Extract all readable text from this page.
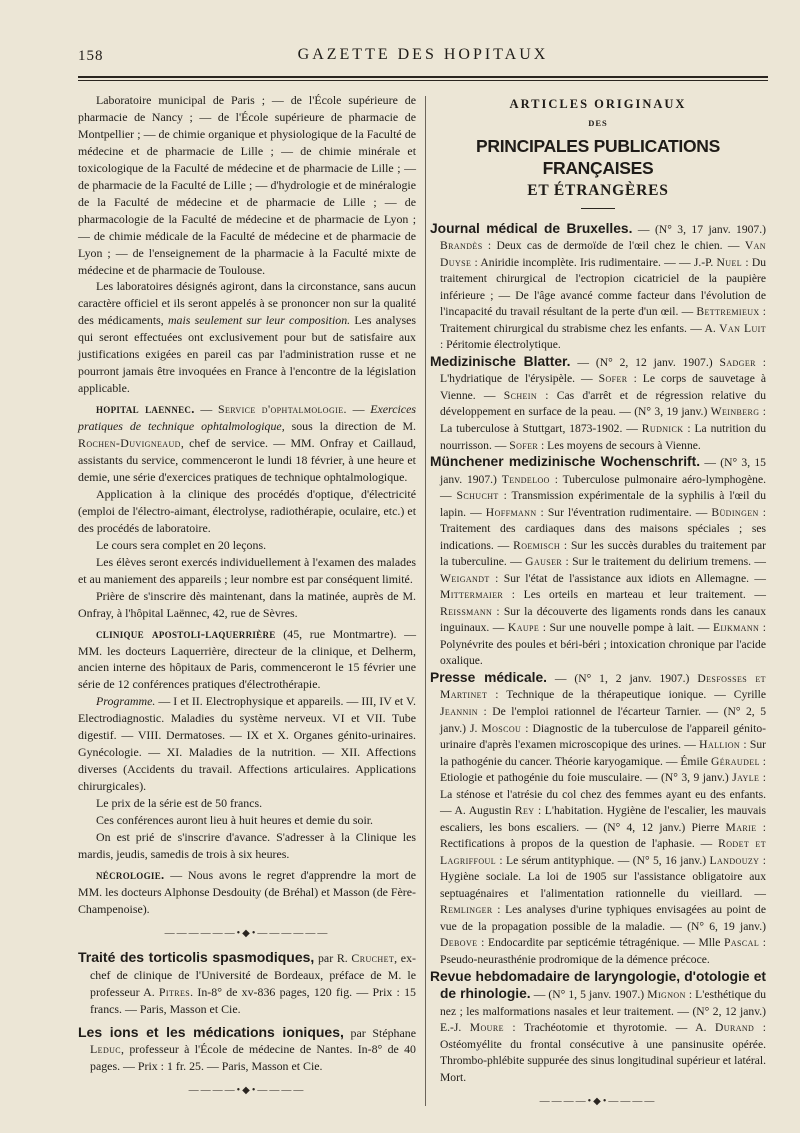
158	GAZETTE DES HOPITAUX

Laboratoire municipal de Paris ; — de l'École supérieure de pharmacie de Nancy ; — de l'École supérieure de pharmacie de Montpellier ; — de chimie organique et physiologique de la Faculté de médecine et de pharmacie de Lille ; — de chimie minérale et toxicologique de la Faculté de médecine et de pharmacie de Lille ; — de pharmacie de la Faculté de Lille ; — d'hydrologie et de minéralogie de la Faculté de médecine et de pharmacie de Lille ; — de pharmacologie de la Faculté de médecine et de pharmacie de Lyon ; — de chimie médicale de la Faculté de médecine et de pharmacie de Lyon ; — de l'enseignement de la pharmacie à la Faculté mixte de médecine et de pharmacie de Toulouse.

Les laboratoires désignés agiront, dans la circonstance, sans aucun caractère officiel et ils seront appelés à se prononcer non sur la qualité des médicaments, mais seulement sur leur composition. Les analyses qui seront effectuées ont exclusivement pour but de satisfaire aux justifications exigées en pareil cas par l'administration russe et ne pourront jamais être invoquées en France à l'encontre de la législation applicable.

hopital laennec. — Service d'ophtalmologie. — Exercices pratiques de technique ophtalmologique, sous la direction de M. Rochen-Duvigneaud, chef de service. — MM. Onfray et Caillaud, assistants du service, commenceront le lundi 18 février, à une heure et demie, une série d'exercices pratiques de technique ophtalmologique.

Application à la clinique des procédés d'optique, d'électricité (emploi de l'électro-aimant, électrolyse, radiothérapie, oculaire, etc.) et des procédés de laboratoire.

Le cours sera complet en 20 leçons.

Les élèves seront exercés individuellement à l'examen des malades et au maniement des appareils ; leur nombre est par conséquent limité.

Prière de s'inscrire dès maintenant, dans la matinée, auprès de M. Onfray, à l'hôpital Laënnec, 42, rue de Sèvres.

clinique apostoli-laquerrière (45, rue Montmartre). — MM. les docteurs Laquerrière, directeur de la clinique, et Delherm, ancien interne des hôpitaux de Paris, commenceront le 15 février une série de 12 conférences pratiques d'électrothérapie.

Programme. — I et II. Electrophysique et appareils. — III, IV et V. Electrodiagnostic. Maladies du système nerveux. VI et VII. Tube digestif. — VIII. Dermatoses. — IX et X. Organes génito-urinaires. Gynécologie. — XI. Maladies de la nutrition. — XII. Affections diverses (Accidents du travail. Affections articulaires. Applications chirurgicales).

Le prix de la série est de 50 francs.

Ces conférences auront lieu à huit heures et demie du soir.

On est prié de s'inscrire d'avance. S'adresser à la Clinique les mardis, jeudis, samedis de trois à six heures.

nécrologie. — Nous avons le regret d'apprendre la mort de MM. les docteurs Alphonse Desdouity (de Bréhal) et Masson (de Fère-Champenoise).

——————•◆•——————

Traité des torticolis spasmodiques, par R. Cruchet, ex-chef de clinique de l'Université de Bordeaux, préface de M. le professeur A. Pitres. In-8° de xv-836 pages, 120 fig. — Prix : 15 francs. — Paris, Masson et Cie.

Les ions et les médications ioniques, par Stéphane Leduc, professeur à l'École de médecine de Nantes. In-8° de 40 pages. — Prix : 1 fr. 25. — Paris, Masson et Cie.

————•◆•————
ARTICLES ORIGINAUX
DES
PRINCIPALES PUBLICATIONS FRANÇAISES
ET ÉTRANGÈRES

Journal médical de Bruxelles. — (N° 3, 17 janv. 1907.) Brandès : Deux cas de dermoïde de l'œil chez le chien. — Van Duyse : Aniridie incomplète. Iris rudimentaire. — — J.-P. Nuel : Du traitement chirurgical de l'ectropion cicatriciel de la paupière inférieure ; — De l'âge avancé comme facteur dans l'évolution de l'incapacité du travail résultant de la perte d'un œil. — Bettremieux : Traitement chirurgical du strabisme chez les enfants. — A. Van Luit : Péritomie électrolytique.

Medizinische Blatter. — (N° 2, 12 janv. 1907.) Sadger : L'hydriatique de l'érysipèle. — Sofer : Le corps de sauvetage à Vienne. — Schein : Cas d'arrêt et de régression relative du développement en surface de la peau. — (N° 3, 19 janv.) Weinberg : La tuberculose à Stuttgart, 1873-1902. — Rudnick : La nutrition du nourrisson. — Sofer : Les moyens de secours à Vienne.

Münchener medizinische Wochenschrift. — (N° 3, 15 janv. 1907.) Tendeloo : Tuberculose pulmonaire aéro-lymphogène. — Schucht : Transmission expérimentale de la syphilis à l'œil du lapin. — Hoffmann : Sur l'éventration rudimentaire. — Büdingen : Traitement des cardiaques dans des maisons spéciales ; ses indications. — Roemisch : Sur les succès durables du traitement par la tuberculine. — Gauser : Sur le traitement du delirium tremens. — Weigandt : Sur l'état de l'assistance aux idiots en Allemagne. — Mittermaier : Les orteils en marteau et leur traitement. — Reissmann : Sur la découverte des ligaments ronds dans les canaux inguinaux. — Kaupe : Sur une nouvelle pompe à lait. — Eijkmann : Polynévrite des poules et béri-béri ; intoxication chronique par l'acide oxalique.

Presse médicale. — (N° 1, 2 janv. 1907.) Desfosses et Martinet : Technique de la thérapeutique ionique. — Cyrille Jeannin : De l'emploi rationnel de l'écarteur Tarnier. — (N° 2, 5 janv.) J. Moscou : Diagnostic de la tuberculose de l'appareil génito-urinaire d'après l'examen microscopique des urines. — Hallion : Sur la pathogénie du cancer. Théorie karyogamique. — Émile Géraudel : Etiologie et pathogénie du foie musculaire. — (N° 3, 9 janv.) Jayle : La sténose et l'atrésie du col chez des femmes ayant eu des enfants. — A. Augustin Rey : L'habitation. Hygiène de l'escalier, les mauvais escaliers, les bons escaliers. — (N° 4, 12 janv.) Pierre Marie : Rectifications à propos de la question de l'aphasie. — Rodet et Lagriffoul : Le sérum antityphique. — (N° 5, 16 janv.) Landouzy : Hygiène sociale. La loi de 1905 sur l'assistance obligatoire aux septuagénaires et l'alimentation rationnelle du vieillard. — Remlinger : Les analyses d'urine typhiques envisagées au point de vue de la propagation possible de la maladie. — (N° 6, 19 janv.) Debove : Endocardite par septicémie tétragénique. — Mlle Pascal : Pseudo-neurasthénie prodromique de la démence précoce.

Revue hebdomadaire de laryngologie, d'otologie et de rhinologie. — (N° 1, 5 janv. 1907.) Mignon : L'esthétique du nez ; les malformations nasales et leur traitement. — (N° 2, 12 janv.) E.-J. Moure : Trachéotomie et thyrotomie. — A. Durand : Ostéomyélite du frontal consécutive à une pansinusite opérée. Thrombo-phlébite suppurée des sinus longitudinal supérieur et latéral. Mort.

————•◆•————
